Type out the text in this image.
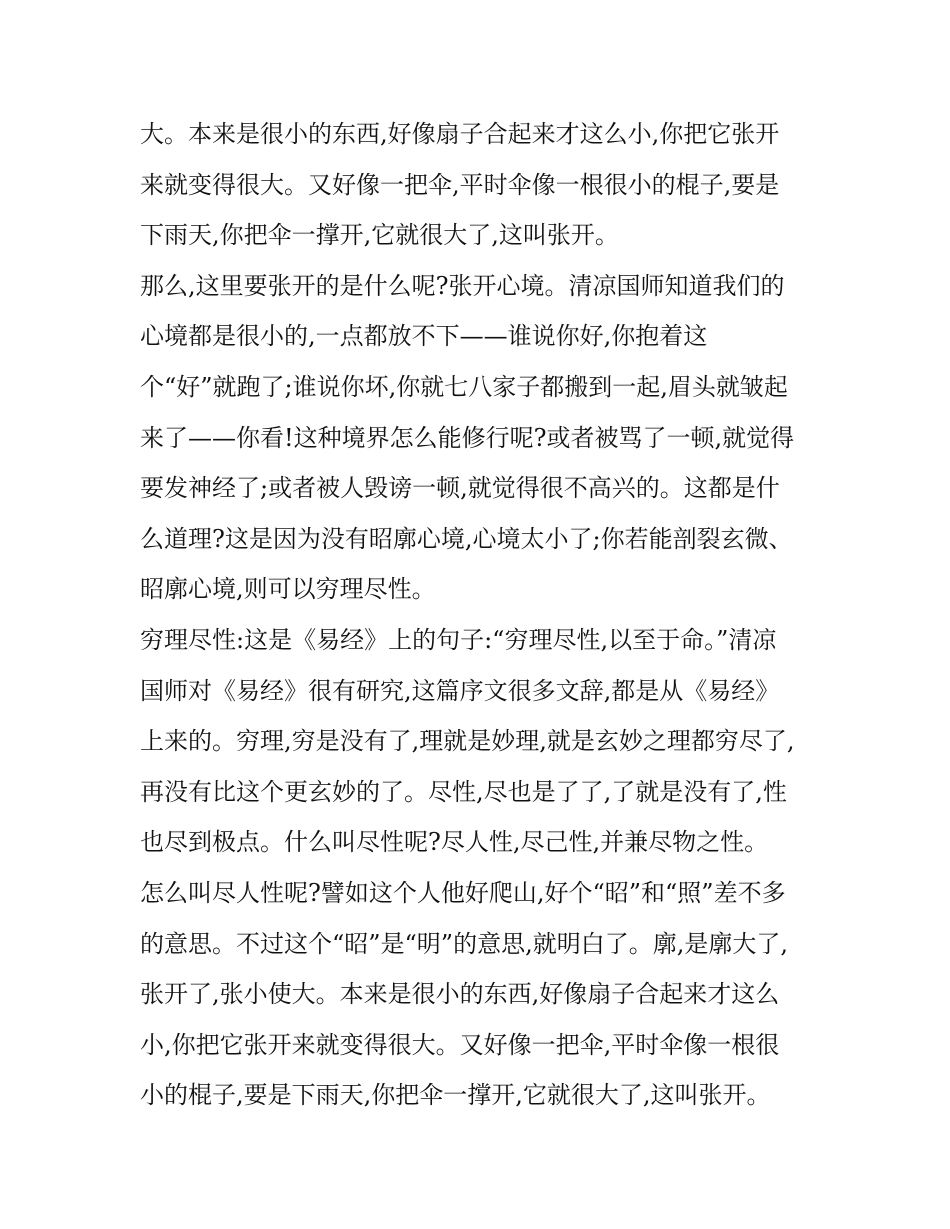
大。本来是很小的东西,好像扇子合起来才这么小,你把它张开
来就变得很大。又好像一把伞,平时伞像一根很小的棍子,要是
下雨天,你把伞一撑开,它就很大了,这叫张开。
那么,这里要张开的是什么呢?张开心境。清凉国师知道我们的
心境都是很小的,一点都放不下——谁说你好,你抱着这
个“好”就跑了;谁说你坏,你就七八家子都搬到一起,眉头就皱起
来了——你看!这种境界怎么能修行呢?或者被骂了一顿,就觉得
要发神经了;或者被人毁谤一顿,就觉得很不高兴的。这都是什
么道理?这是因为没有昭廓心境,心境太小了;你若能剖裂玄微、
昭廓心境,则可以穷理尽性。
穷理尽性:这是《易经》上的句子:“穷理尽性,以至于命。”清凉
国师对《易经》很有研究,这篇序文很多文辞,都是从《易经》
上来的。穷理,穷是没有了,理就是妙理,就是玄妙之理都穷尽了,
再没有比这个更玄妙的了。尽性,尽也是了了,了就是没有了,性
也尽到极点。什么叫尽性呢?尽人性,尽己性,并兼尽物之性。
怎么叫尽人性呢?譬如这个人他好爬山,好个“昭”和“照”差不多
的意思。不过这个“昭”是“明”的意思,就明白了。廓,是廓大了,
张开了,张小使大。本来是很小的东西,好像扇子合起来才这么
小,你把它张开来就变得很大。又好像一把伞,平时伞像一根很
小的棍子,要是下雨天,你把伞一撑开,它就很大了,这叫张开。
